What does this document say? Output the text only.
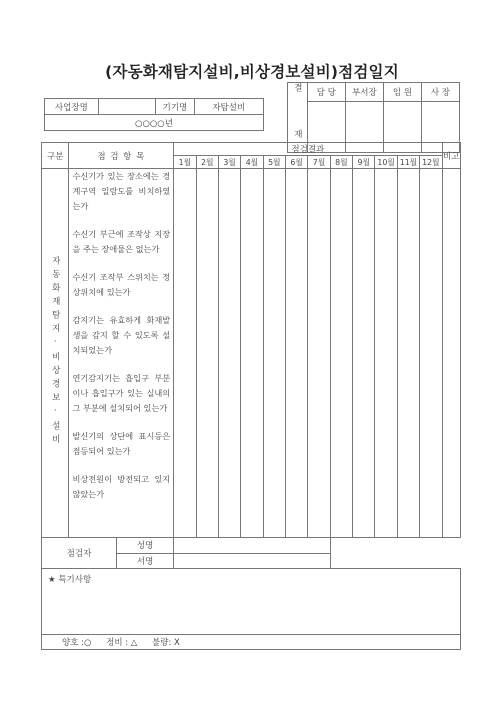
(자동화재탐지설비,비상경보설비)점검일지
사업장명		기기명	자탐설비
○○○○년	결 재	담 당	부서장	임 원	사 장

구분	점 검 항 목	점검결과	비고
1월	2월	3월	4월	5월	6월	7월	8월	9월	10월	11월	12월
자동화재탐지·비상경보·설비	
수신기가 있는 장소에는 경계구역 일람도를 비치하였는가
수신기 부근에 조작상 지장을 주는 장애물은 없는가
수신기 조작부 스위치는 정상위치에 있는가
감지기는 유효하게 화재발생을 감지 할 수 있도록 설치되었는가
연기감지기는 흡입구 부분이나 흡입구가 있는 실내의 그 부분에 설치되어 있는가
발신기의 상단에 표시등은 점등되어 있는가
비상전원이 방전되고 있지 않았는가

점검자	성명
서명

★ 특기사항
양호 :○ 정비 : △ 불량: X
